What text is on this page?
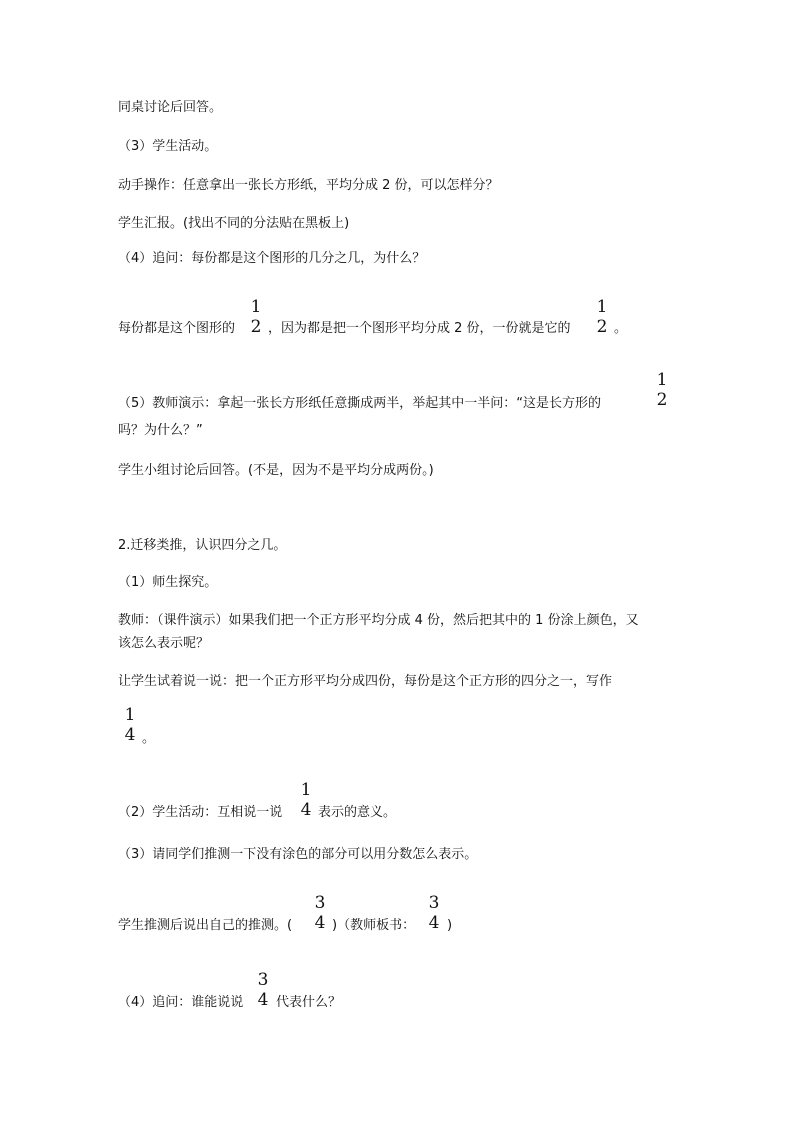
同桌讨论后回答。
（3）学生活动。
动手操作：任意拿出一张长方形纸，平均分成 2 份，可以怎样分？
学生汇报。(找出不同的分法贴在黑板上)
（4）追问：每份都是这个图形的几分之几，为什么？
每份都是这个图形的
1
2 ，因为都是把一个图形平均分成 2 份，一份就是它的
1
2 。
（5）教师演示：拿起一张长方形纸任意撕成两半，举起其中一半问：“这是长方形的
1
2
吗？为什么？”
学生小组讨论后回答。(不是，因为不是平均分成两份。)
2.迁移类推，认识四分之几。
（1）师生探究。
教师：（课件演示）如果我们把一个正方形平均分成 4 份，然后把其中的 1 份涂上颜色，又
该怎么表示呢？
让学生试着说一说：把一个正方形平均分成四份，每份是这个正方形的四分之一，写作
1
4 。
（2）学生活动：互相说一说
1
4 表示的意义。
（3）请同学们推测一下没有涂色的部分可以用分数怎么表示。
学生推测后说出自己的推测。(
3
4 )（教师板书：
3
4 )
（4）追问：谁能说说
3
4 代表什么？
